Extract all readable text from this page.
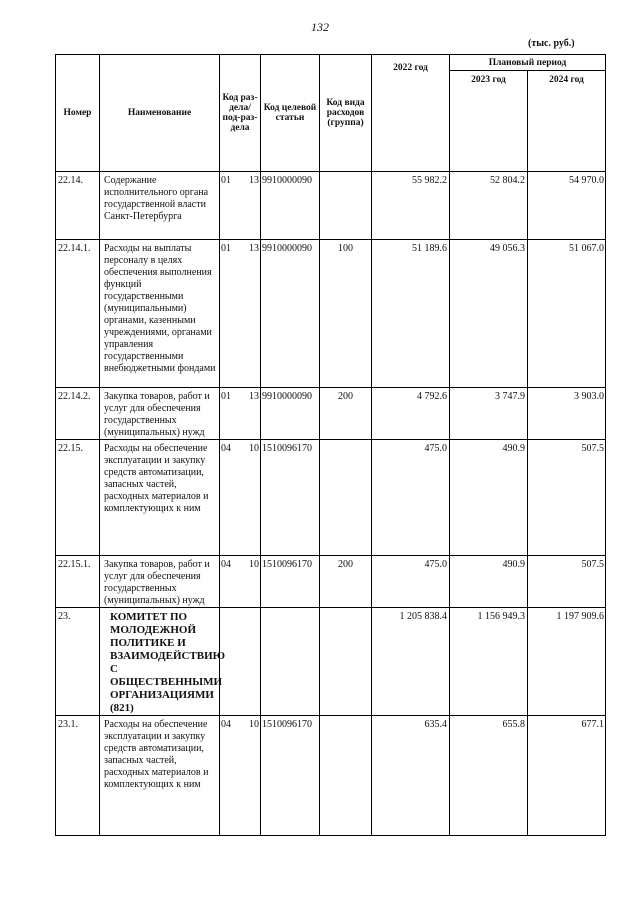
132
(тыс. руб.)
Номер	Наименование	Код раз-дела/ под-раз-дела	Код целевой статьи	Код вида расходов (группа)	2022 год	Плановый период	
						2023 год	2024 год
22.14.	Содержание исполнительного органа государственной власти Санкт-Петербурга	01 13	9910000090		55 982.2	52 804.2	54 970.0
22.14.1.	Расходы на выплаты персоналу в целях обеспечения выполнения функций государственными (муниципальными) органами, казенными учреждениями, органами управления государственными внебюджетными фондами	01 13	9910000090	100	51 189.6	49 056.3	51 067.0
22.14.2.	Закупка товаров, работ и услуг для обеспечения государственных (муниципальных) нужд	01 13	9910000090	200	4 792.6	3 747.9	3 903.0
22.15.	Расходы на обеспечение эксплуатации и закупку средств автоматизации, запасных частей, расходных материалов и комплектующих к ним	04 10	1510096170		475.0	490.9	507.5
22.15.1.	Закупка товаров, работ и услуг для обеспечения государственных (муниципальных) нужд	04 10	1510096170	200	475.0	490.9	507.5
23.	КОМИТЕТ ПО МОЛОДЕЖНОЙ ПОЛИТИКЕ И ВЗАИМОДЕЙСТВИЮ С ОБЩЕСТВЕННЫМИ ОРГАНИЗАЦИЯМИ (821)				1 205 838.4	1 156 949.3	1 197 909.6
23.1.	Расходы на обеспечение эксплуатации и закупку средств автоматизации, запасных частей, расходных материалов и комплектующих к ним	04 10	1510096170		635.4	655.8	677.1
